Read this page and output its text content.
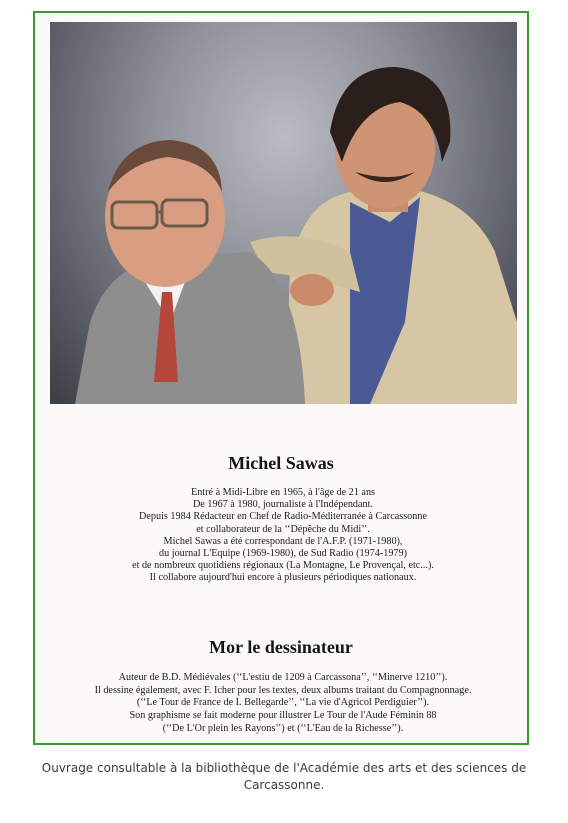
Michel Sawas

Entré à Midi-Libre en 1965, à l'âge de 21 ans
De 1967 à 1980, journaliste à l'Indépendant.
Depuis 1984 Rédacteur en Chef de Radio-Méditerranée à Carcassonne
et collaborateur de la ‘‘Dépêche du Midi’’.
Michel Sawas a été correspondant de l'A.F.P. (1971-1980),
du journal L'Equipe (1969-1980), de Sud Radio (1974-1979)
et de nombreux quotidiens régionaux (La Montagne, Le Provençal, etc...).
Il collabore aujourd'hui encore à plusieurs périodiques nationaux.

Mor le dessinateur

Auteur de B.D. Médiévales (‘‘L'estiu de 1209 à Carcassona’’, ‘‘Minerve 1210’’).
Il dessine également, avec F. Icher pour les textes, deux albums traitant du Compagnonnage.
(‘‘Le Tour de France de I. Bellegarde’’, ‘‘La vie d'Agricol Perdiguier’’).
Son graphisme se fait moderne pour illustrer Le Tour de l'Aude Féminin 88
(‘‘De L'Or plein les Rayons’’) et (‘‘L'Eau de la Richesse’’).

Ouvrage consultable à la bibliothèque de l'Académie des arts et des sciences de Carcassonne.
